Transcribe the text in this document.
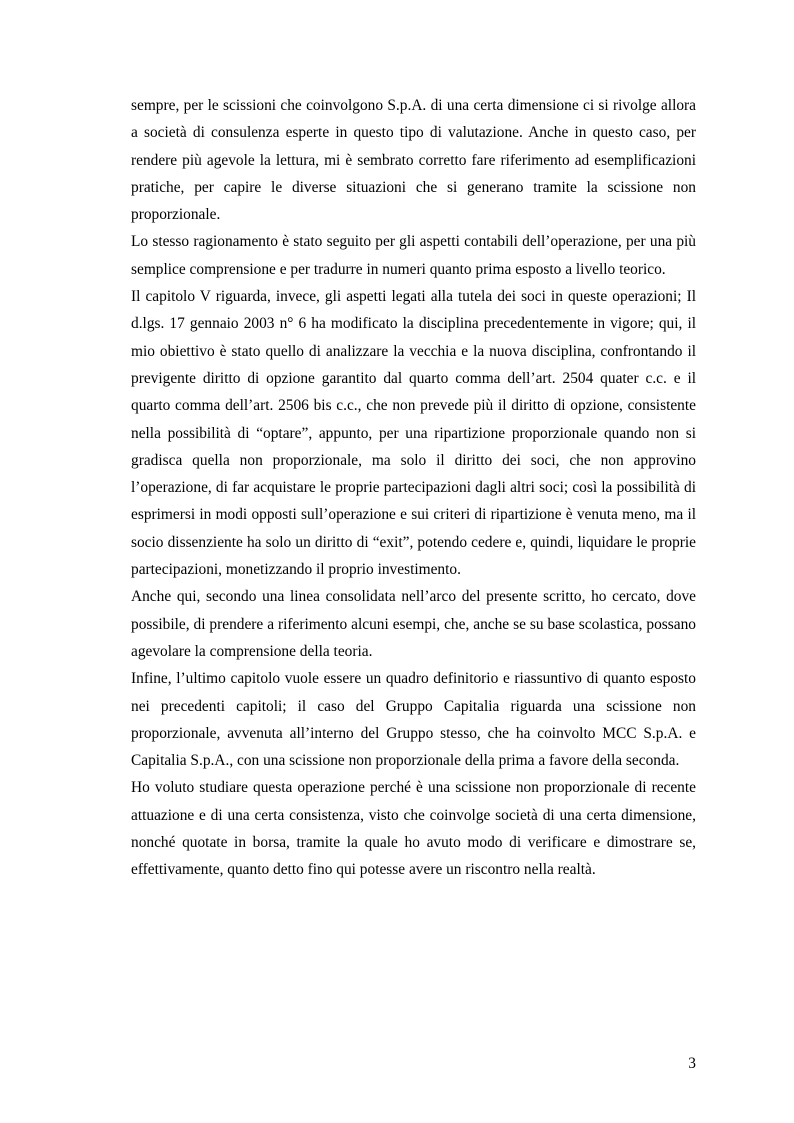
sempre, per le scissioni che coinvolgono S.p.A. di una certa dimensione ci si rivolge allora a società di consulenza esperte in questo tipo di valutazione. Anche in questo caso, per rendere più agevole la lettura, mi è sembrato corretto fare riferimento ad esemplificazioni pratiche, per capire le diverse situazioni che si generano tramite la scissione non proporzionale.

Lo stesso ragionamento è stato seguito per gli aspetti contabili dell’operazione, per una più semplice comprensione e per tradurre in numeri quanto prima esposto a livello teorico.

Il capitolo V riguarda, invece, gli aspetti legati alla tutela dei soci in queste operazioni; Il d.lgs. 17 gennaio 2003 n° 6 ha modificato la disciplina precedentemente in vigore; qui, il mio obiettivo è stato quello di analizzare la vecchia e la nuova disciplina, confrontando il previgente diritto di opzione garantito dal quarto comma dell’art. 2504 quater c.c. e il quarto comma dell’art. 2506 bis c.c., che non prevede più il diritto di opzione, consistente nella possibilità di “optare”, appunto, per una ripartizione proporzionale quando non si gradisca quella non proporzionale, ma solo il diritto dei soci, che non approvino l’operazione, di far acquistare le proprie partecipazioni dagli altri soci; così la possibilità di esprimersi in modi opposti sull’operazione e sui criteri di ripartizione è venuta meno, ma il socio dissenziente ha solo un diritto di “exit”, potendo cedere e, quindi, liquidare le proprie partecipazioni, monetizzando il proprio investimento.

Anche qui, secondo una linea consolidata nell’arco del presente scritto, ho cercato, dove possibile, di prendere a riferimento alcuni esempi, che, anche se su base scolastica, possano agevolare la comprensione della teoria.

Infine, l’ultimo capitolo vuole essere un quadro definitorio e riassuntivo di quanto esposto nei precedenti capitoli; il caso del Gruppo Capitalia riguarda una scissione non proporzionale, avvenuta all’interno del Gruppo stesso, che ha coinvolto MCC S.p.A. e Capitalia S.p.A., con una scissione non proporzionale della prima a favore della seconda.

Ho voluto studiare questa operazione perché è una scissione non proporzionale di recente attuazione e di una certa consistenza, visto che coinvolge società di una certa dimensione, nonché quotate in borsa, tramite la quale ho avuto modo di verificare e dimostrare se, effettivamente, quanto detto fino qui potesse avere un riscontro nella realtà.

3
